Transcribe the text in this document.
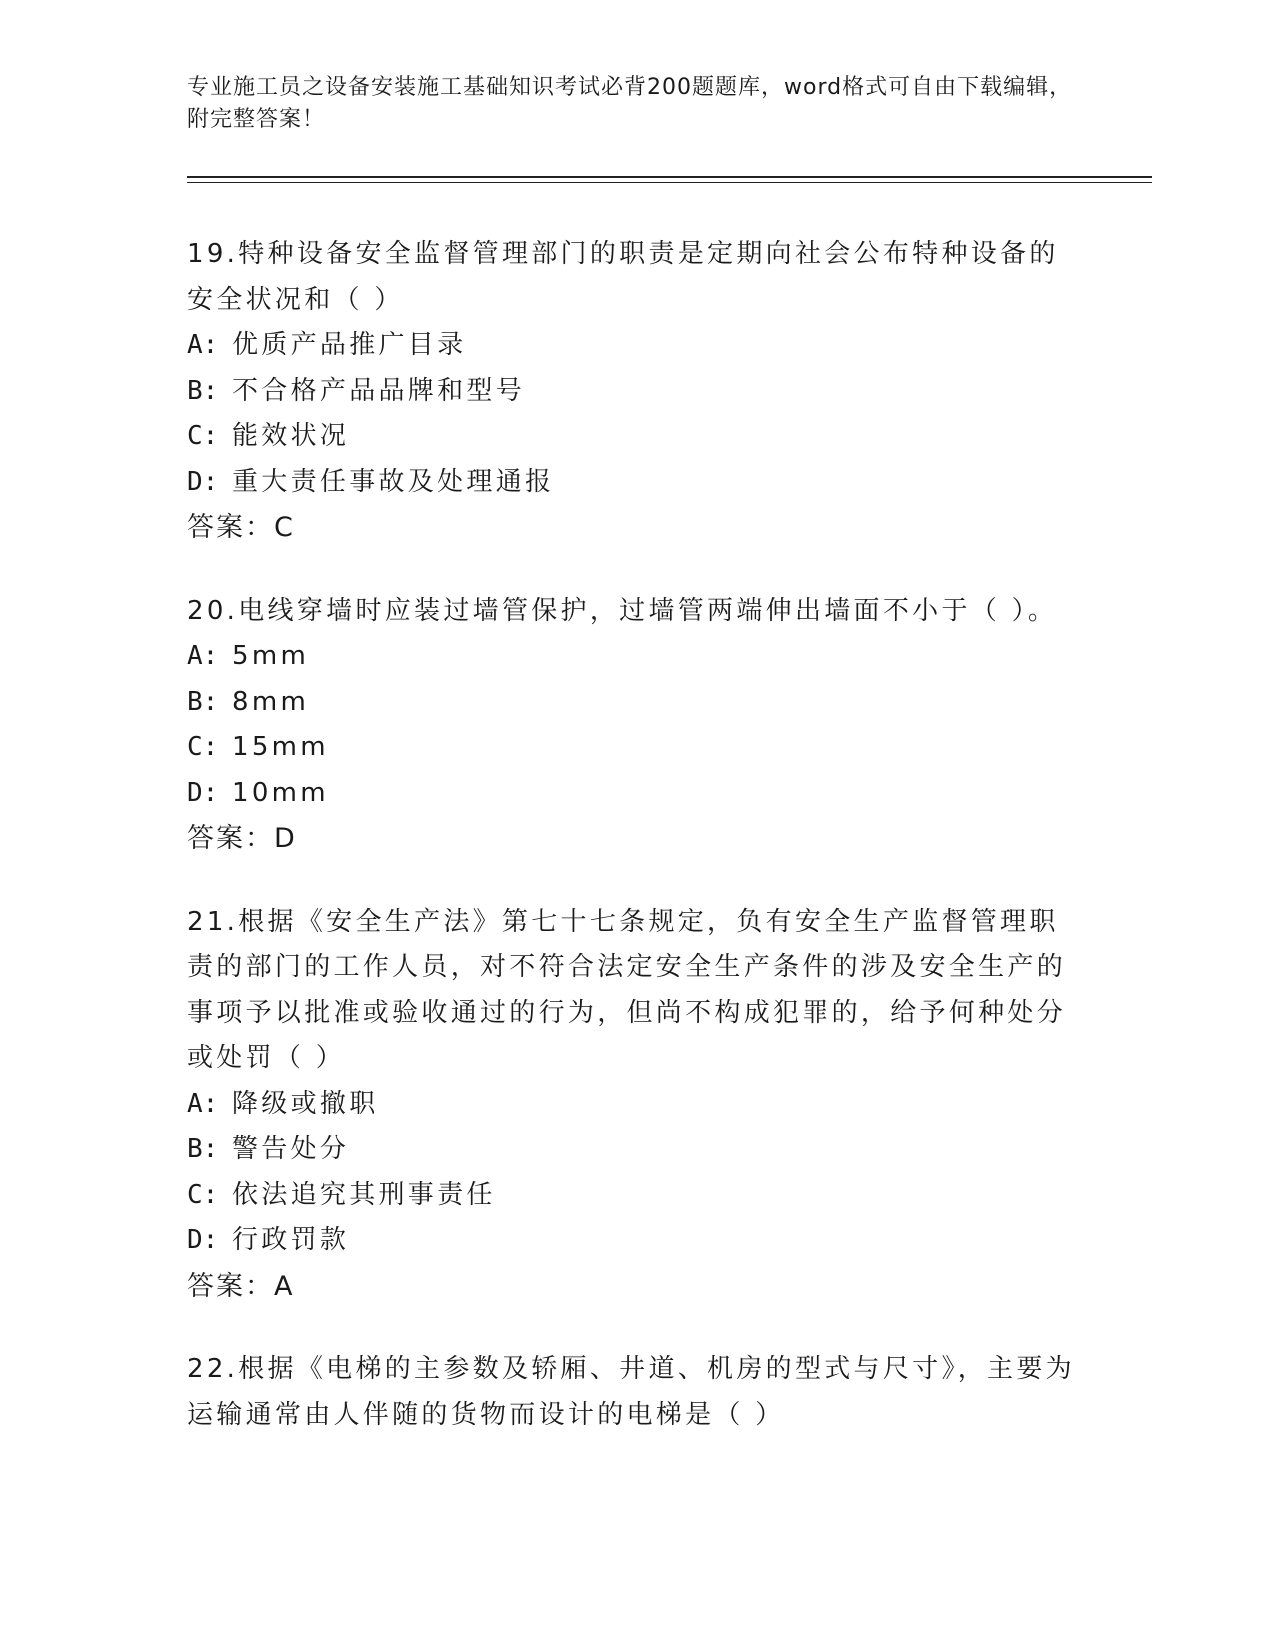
专业施工员之设备安装施工基础知识考试必背200题题库，word格式可自由下载编辑，附完整答案！
19.特种设备安全监督管理部门的职责是定期向社会公布特种设备的安全状况和（ ）
A: 优质产品推广目录
B: 不合格产品品牌和型号
C: 能效状况
D: 重大责任事故及处理通报
答案：C
20.电线穿墙时应装过墙管保护，过墙管两端伸出墙面不小于（ ）。
A: 5mm
B: 8mm
C: 15mm
D: 10mm
答案：D
21.根据《安全生产法》第七十七条规定，负有安全生产监督管理职责的部门的工作人员，对不符合法定安全生产条件的涉及安全生产的事项予以批准或验收通过的行为，但尚不构成犯罪的，给予何种处分或处罚（ ）
A: 降级或撤职
B: 警告处分
C: 依法追究其刑事责任
D: 行政罚款
答案：A
22.根据《电梯的主参数及轿厢、井道、机房的型式与尺寸》，主要为运输通常由人伴随的货物而设计的电梯是（ ）
